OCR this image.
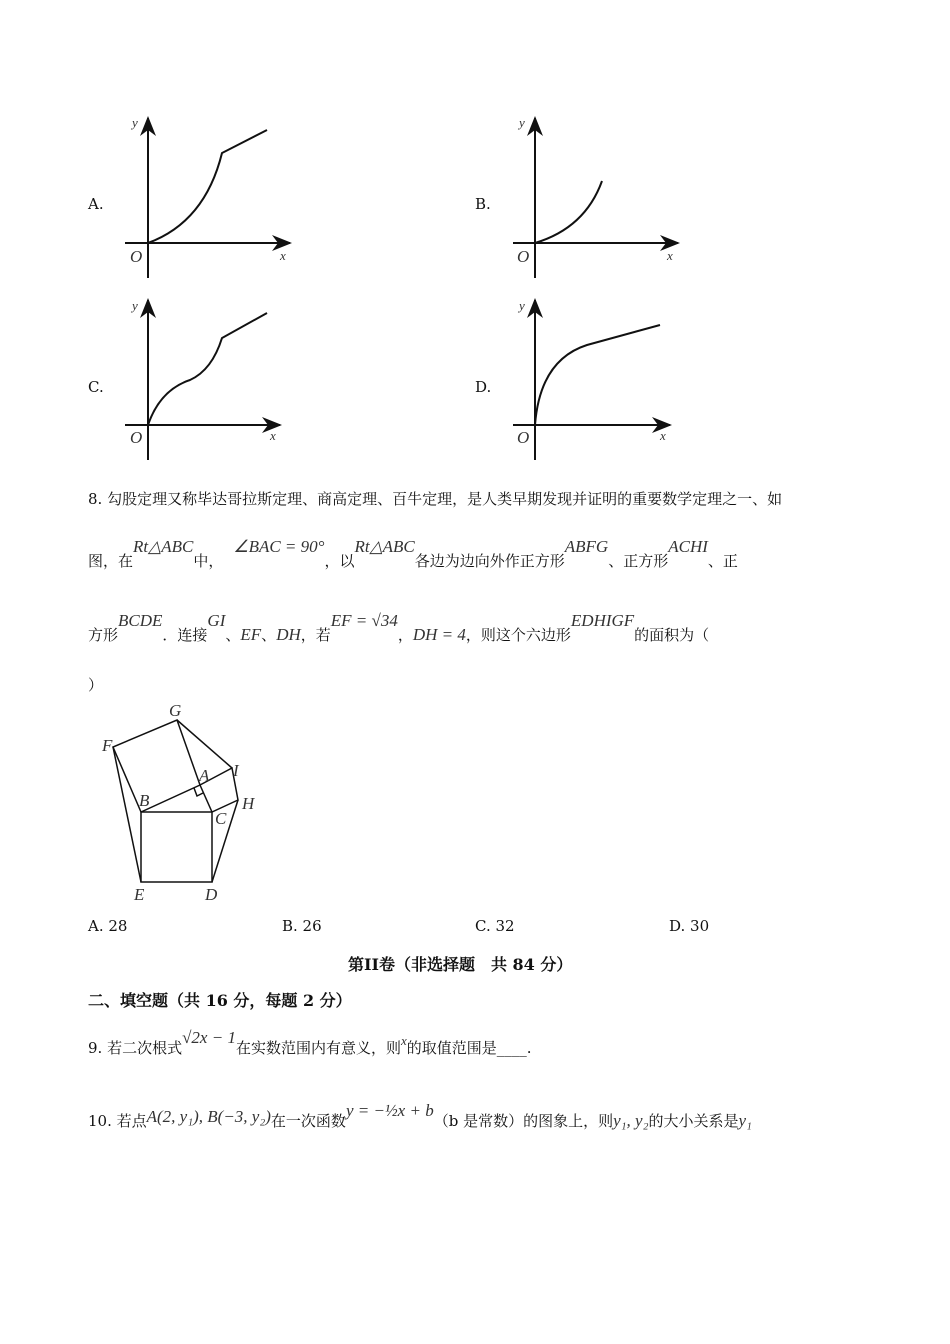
A.
y
x
O
B.
y
x
O
C.
y
x
O
D.
y
x
O
8. 勾股定理又称毕达哥拉斯定理、商高定理、百牛定理，是人类早期发现并证明的重要数学定理之一、如
图，在Rt△ABC中，∠BAC = 90°，以Rt△ABC各边为边向外作正方形ABFG、正方形ACHI、正
方形BCDE．连接GI、EF、DH，若EF = √34，DH = 4，则这个六边形EDHIGF的面积为（
）
G
F
A I
B	H
C
E	D
A. 28	B. 26	C. 32	D. 30
第II卷（非选择题　共 84 分）
二、填空题（共 16 分，每题 2 分）
9. 若二次根式√2x − 1在实数范围内有意义，则x的取值范围是____.
10. 若点A(2, y₁), B(−3, y₂)在一次函数y = −½x + b（b 是常数）的图象上，则y₁, y₂的大小关系是y₁
